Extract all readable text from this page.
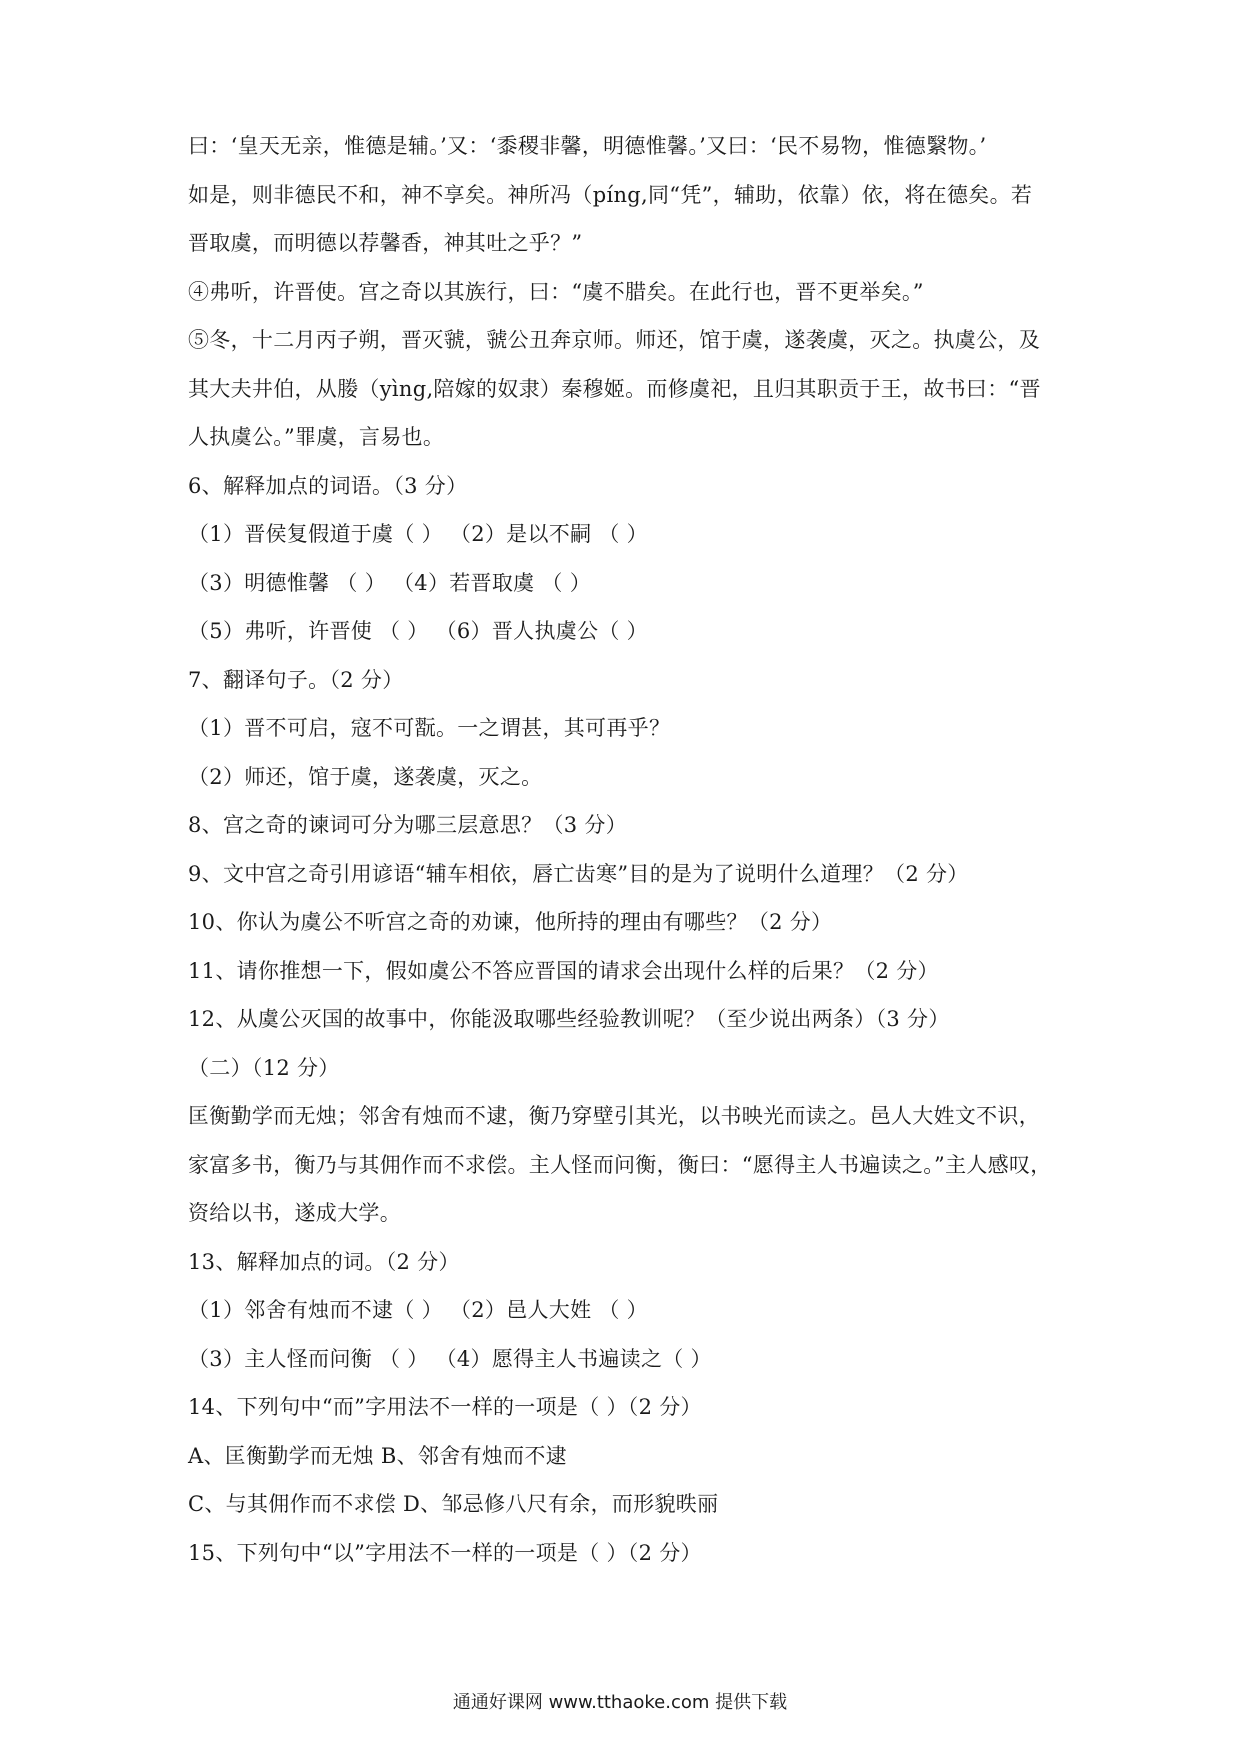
曰：‘皇天无亲，惟德是辅。’又：‘黍稷非馨，明德惟馨。’又曰：‘民不易物，惟德繄物。’
如是，则非德民不和，神不享矣。神所冯（píng,同“凭”，辅助，依靠）依，将在德矣。若
晋取虞，而明德以荐馨香，神其吐之乎？”
④弗听，许晋使。宫之奇以其族行，曰：“虞不腊矣。在此行也，晋不更举矣。”
⑤冬，十二月丙子朔，晋灭虢，虢公丑奔京师。师还，馆于虞，遂袭虞，灭之。执虞公，及
其大夫井伯，从媵（yìng,陪嫁的奴隶）秦穆姬。而修虞祀，且归其职贡于王，故书曰：“晋
人执虞公。”罪虞，言易也。
6、解释加点的词语。（3 分）
（1）晋侯复假道于虞（ ） （2）是以不嗣 （ ）
（3）明德惟馨 （ ） （4）若晋取虞 （ ）
（5）弗听，许晋使 （ ） （6）晋人执虞公（ ）
7、翻译句子。（2 分）
（1）晋不可启，寇不可翫。一之谓甚，其可再乎？
（2）师还，馆于虞，遂袭虞，灭之。
8、宫之奇的谏词可分为哪三层意思？（3 分）
9、文中宫之奇引用谚语“辅车相依，唇亡齿寒”目的是为了说明什么道理？（2 分）
10、你认为虞公不听宫之奇的劝谏，他所持的理由有哪些？（2 分）
11、请你推想一下，假如虞公不答应晋国的请求会出现什么样的后果？（2 分）
12、从虞公灭国的故事中，你能汲取哪些经验教训呢？（至少说出两条）（3 分）
（二）（12 分）
匡衡勤学而无烛；邻舍有烛而不逮，衡乃穿壁引其光，以书映光而读之。邑人大姓文不识，
家富多书，衡乃与其佣作而不求偿。主人怪而问衡，衡曰：“愿得主人书遍读之。”主人感叹，
资给以书，遂成大学。
13、解释加点的词。（2 分）
（1）邻舍有烛而不逮（ ） （2）邑人大姓 （ ）
（3）主人怪而问衡 （ ） （4）愿得主人书遍读之（ ）
14、下列句中“而”字用法不一样的一项是（ ）（2 分）
A、匡衡勤学而无烛 B、邻舍有烛而不逮
C、与其佣作而不求偿 D、邹忌修八尺有余，而形貌昳丽
15、下列句中“以”字用法不一样的一项是（ ）（2 分）
通通好课网 www.tthaoke.com 提供下载
